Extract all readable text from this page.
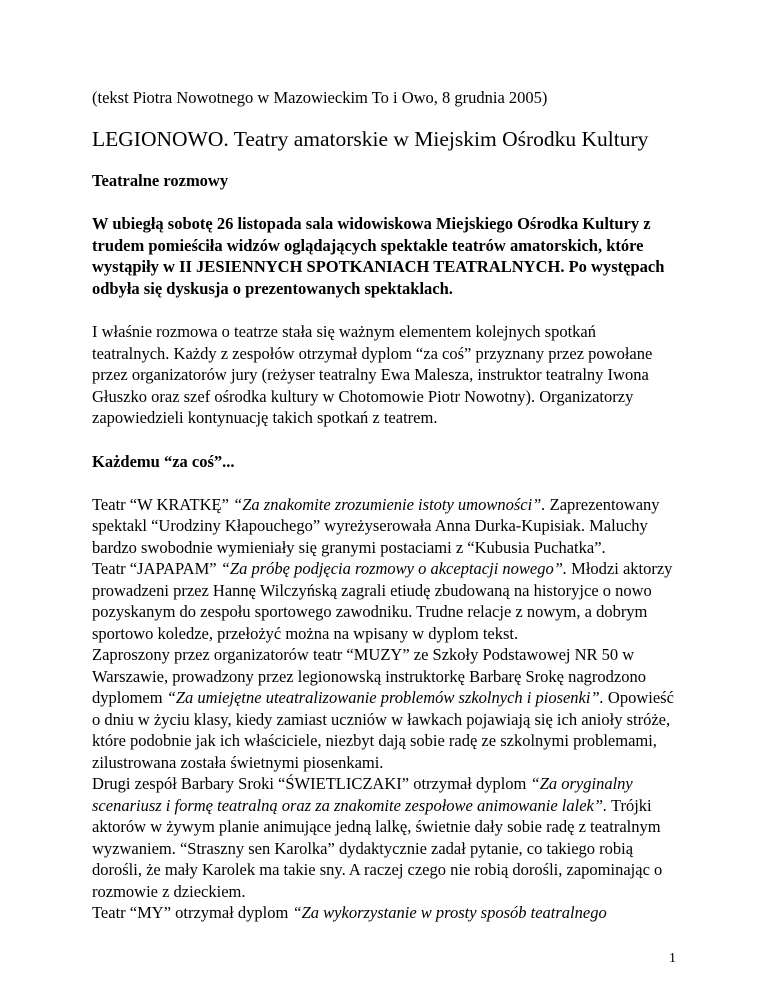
(tekst Piotra Nowotnego w Mazowieckim To i Owo, 8 grudnia 2005)

LEGIONOWO. Teatry amatorskie w Miejskim Ośrodku Kultury

Teatralne rozmowy

W ubiegłą sobotę 26 listopada sala widowiskowa Miejskiego Ośrodka Kultury z trudem pomieściła widzów oglądających spektakle teatrów amatorskich, które wystąpiły w II JESIENNYCH SPOTKANIACH TEATRALNYCH. Po występach odbyła się dyskusja o prezentowanych spektaklach.

I właśnie rozmowa o teatrze stała się ważnym elementem kolejnych spotkań teatralnych. Każdy z zespołów otrzymał dyplom “za coś” przyznany przez powołane przez organizatorów jury (reżyser teatralny Ewa Malesza, instruktor teatralny Iwona Głuszko oraz szef ośrodka kultury w Chotomowie Piotr Nowotny). Organizatorzy zapowiedzieli kontynuację takich spotkań z teatrem.

Każdemu “za coś”...

Teatr “W KRATKĘ” “Za znakomite zrozumienie istoty umowności”. Zaprezentowany spektakl “Urodziny Kłapouchego” wyreżyserowała Anna Durka-Kupisiak. Maluchy bardzo swobodnie wymieniały się granymi postaciami z “Kubusia Puchatka”.

Teatr “JAPAPAM” “Za próbę podjęcia rozmowy o akceptacji nowego”. Młodzi aktorzy prowadzeni przez Hannę Wilczyńską zagrali etiudę zbudowaną na historyjce o nowo pozyskanym do zespołu sportowego zawodniku. Trudne relacje z nowym, a dobrym sportowo koledze, przełożyć można na wpisany w dyplom tekst.

Zaproszony przez organizatorów teatr “MUZY” ze Szkoły Podstawowej NR 50 w Warszawie, prowadzony przez legionowską instruktorkę Barbarę Srokę nagrodzono dyplomem “Za umiejętne uteatralizowanie problemów szkolnych i piosenki”. Opowieść o dniu w życiu klasy, kiedy zamiast uczniów w ławkach pojawiają się ich anioły stróże, które podobnie jak ich właściciele, niezbyt dają sobie radę ze szkolnymi problemami, zilustrowana została świetnymi piosenkami.

Drugi zespół Barbary Sroki “ŚWIETLICZAKI” otrzymał dyplom “Za oryginalny scenariusz i formę teatralną oraz za znakomite zespołowe animowanie lalek”. Trójki aktorów w żywym planie animujące jedną lalkę, świetnie dały sobie radę z teatralnym wyzwaniem. “Straszny sen Karolka” dydaktycznie zadał pytanie, co takiego robią dorośli, że mały Karolek ma takie sny. A raczej czego nie robią dorośli, zapominając o rozmowie z dzieckiem.

Teatr “MY” otrzymał dyplom “Za wykorzystanie w prosty sposób teatralnego

1
